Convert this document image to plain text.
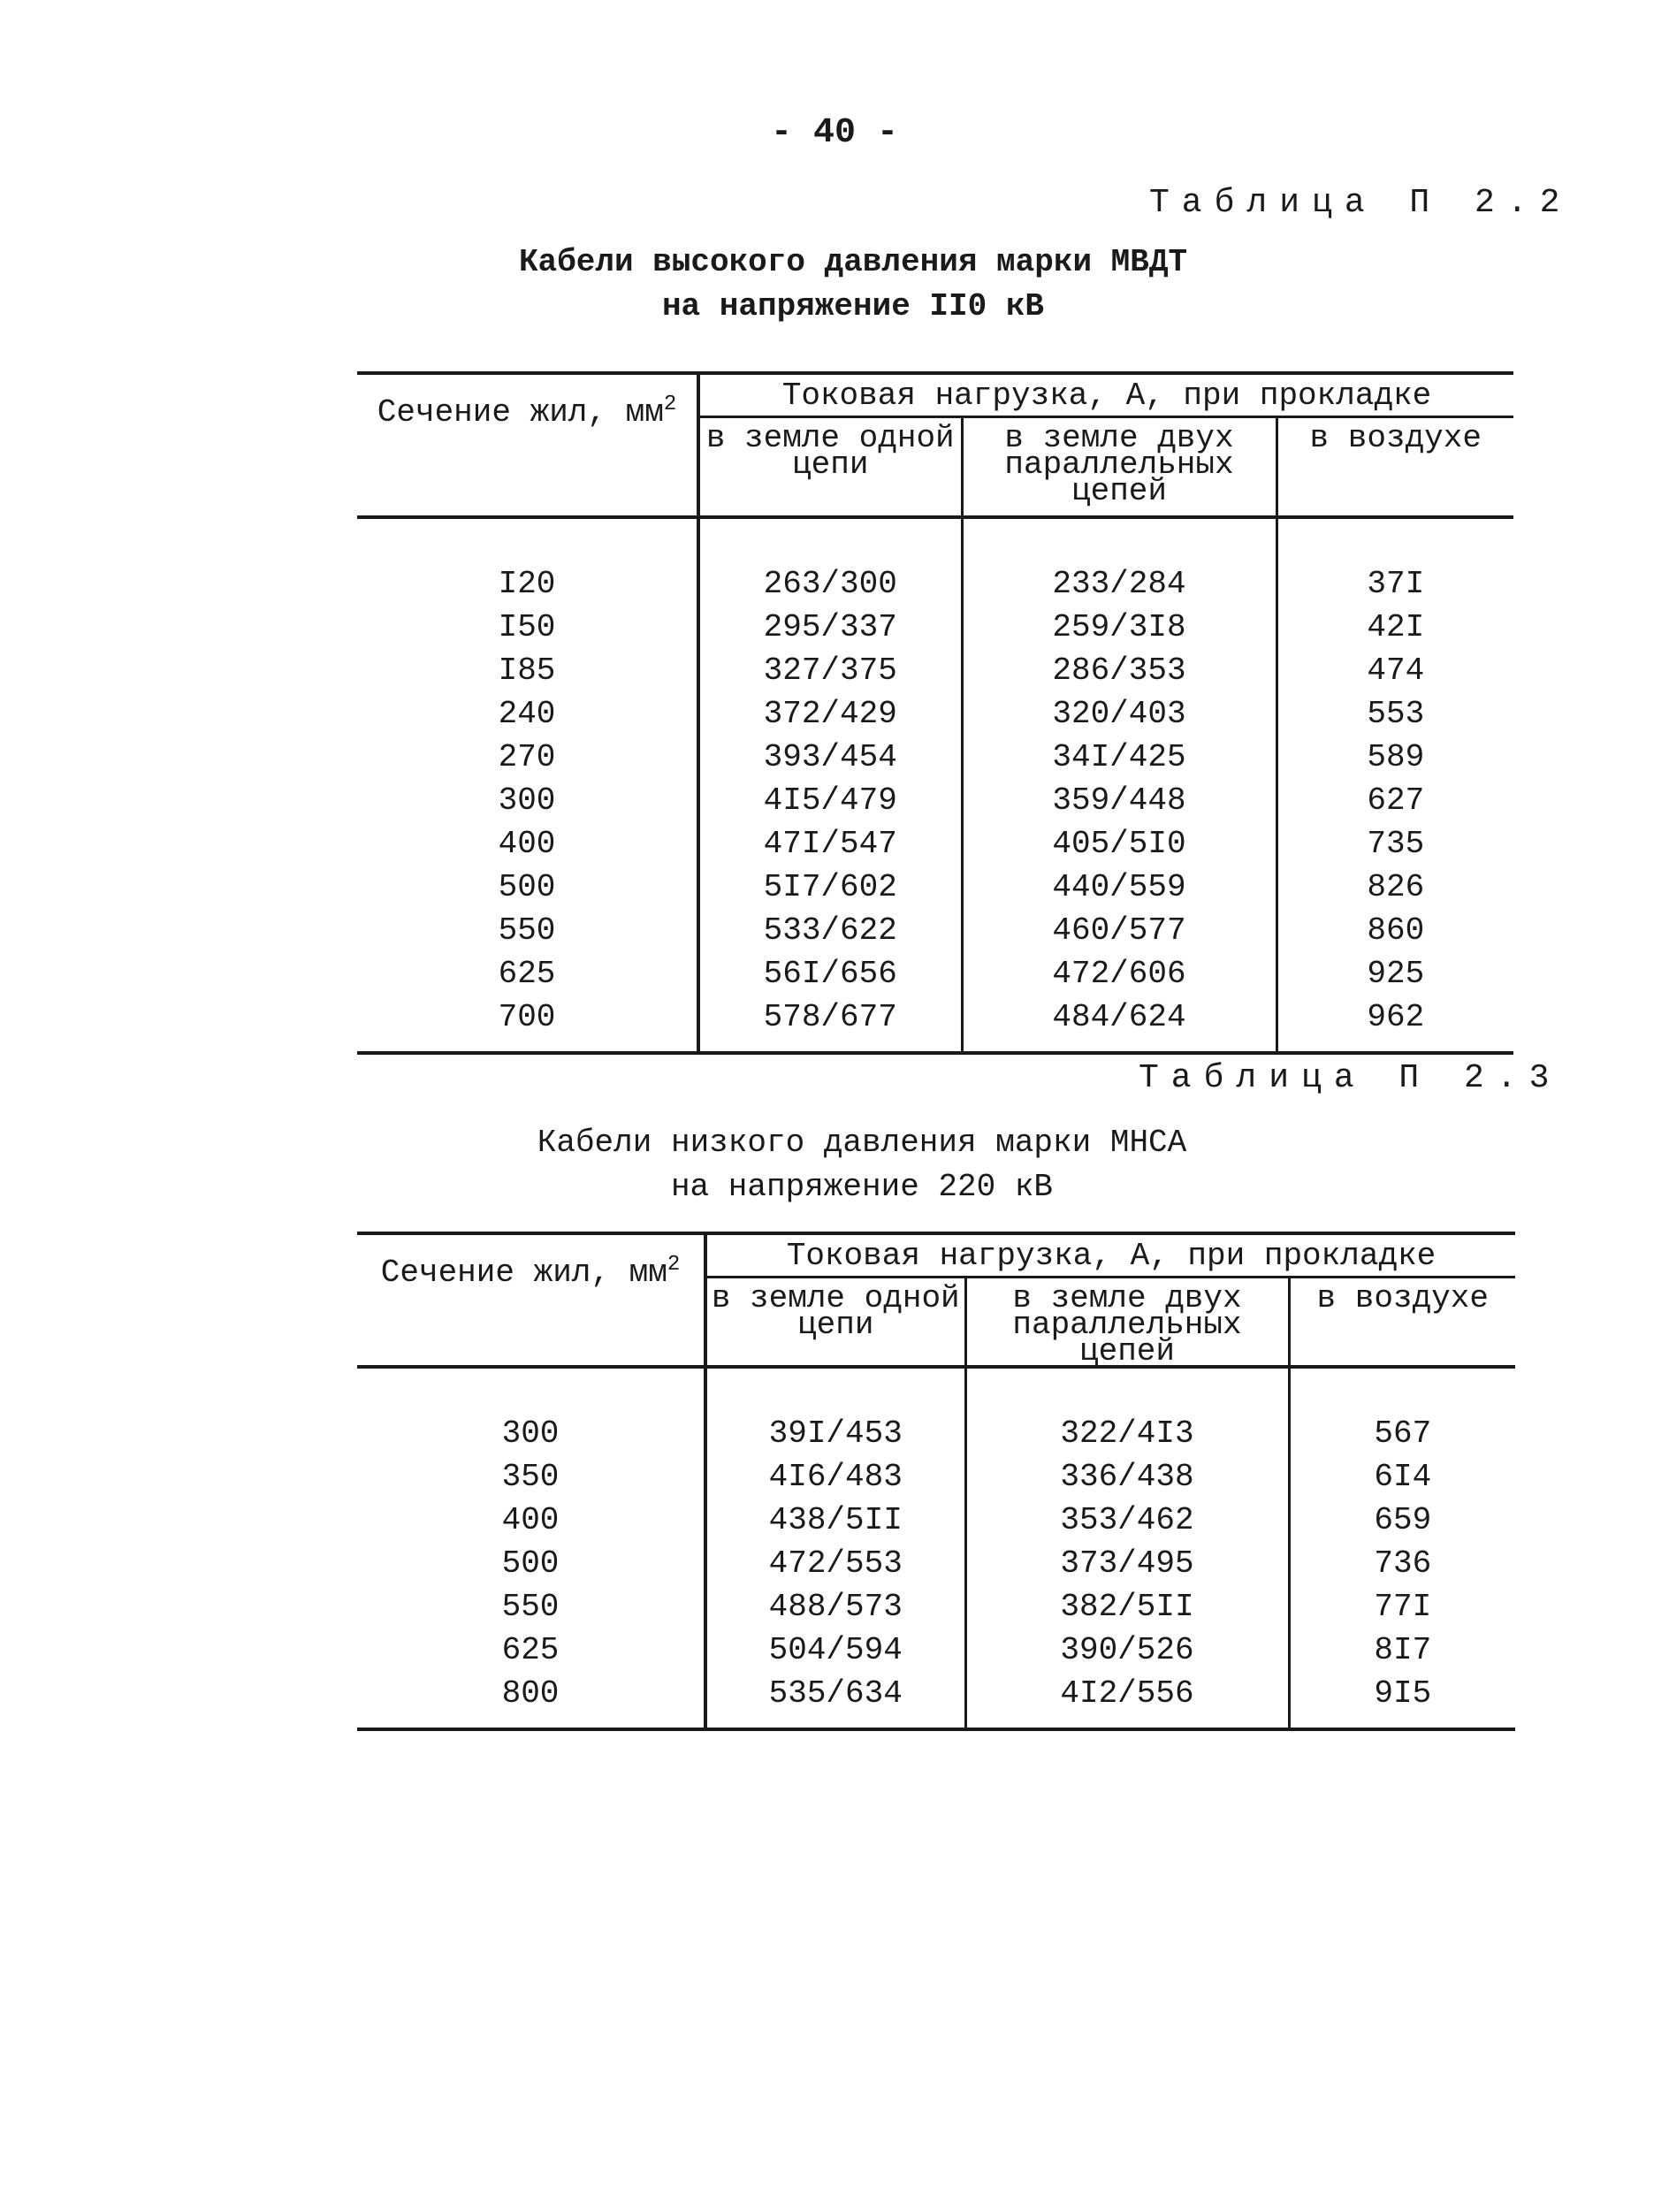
- 40 -
Таблица П 2.2
Кабели высокого давления марки МВДТ
на напряжение II0 кВ
Сечение жил, $мм^2$	Токовая нагрузка, А, при прокладке		
	в земле одной цепи	в земле двух параллельных цепей	в воздухе

I20	263/300	233/284	37I
I50	295/337	259/3I8	42I
I85	327/375	286/353	474
240	372/429	320/403	553
270	393/454	34I/425	589
300	4I5/479	359/448	627
400	47I/547	405/5I0	735
500	5I7/602	440/559	826
550	533/622	460/577	860
625	56I/656	472/606	925
700	578/677	484/624	962
Таблица П 2.3
Кабели низкого давления марки МНСА
на напряжение 220 кВ
Сечение жил, $мм^2$	Токовая нагрузка, А, при прокладке		
	в земле одной цепи	в земле двух параллельных цепей	в воздухе

300	39I/453	322/4I3	567
350	4I6/483	336/438	6I4
400	438/5II	353/462	659
500	472/553	373/495	736
550	488/573	382/5II	77I
625	504/594	390/526	8I7
800	535/634	4I2/556	9I5
